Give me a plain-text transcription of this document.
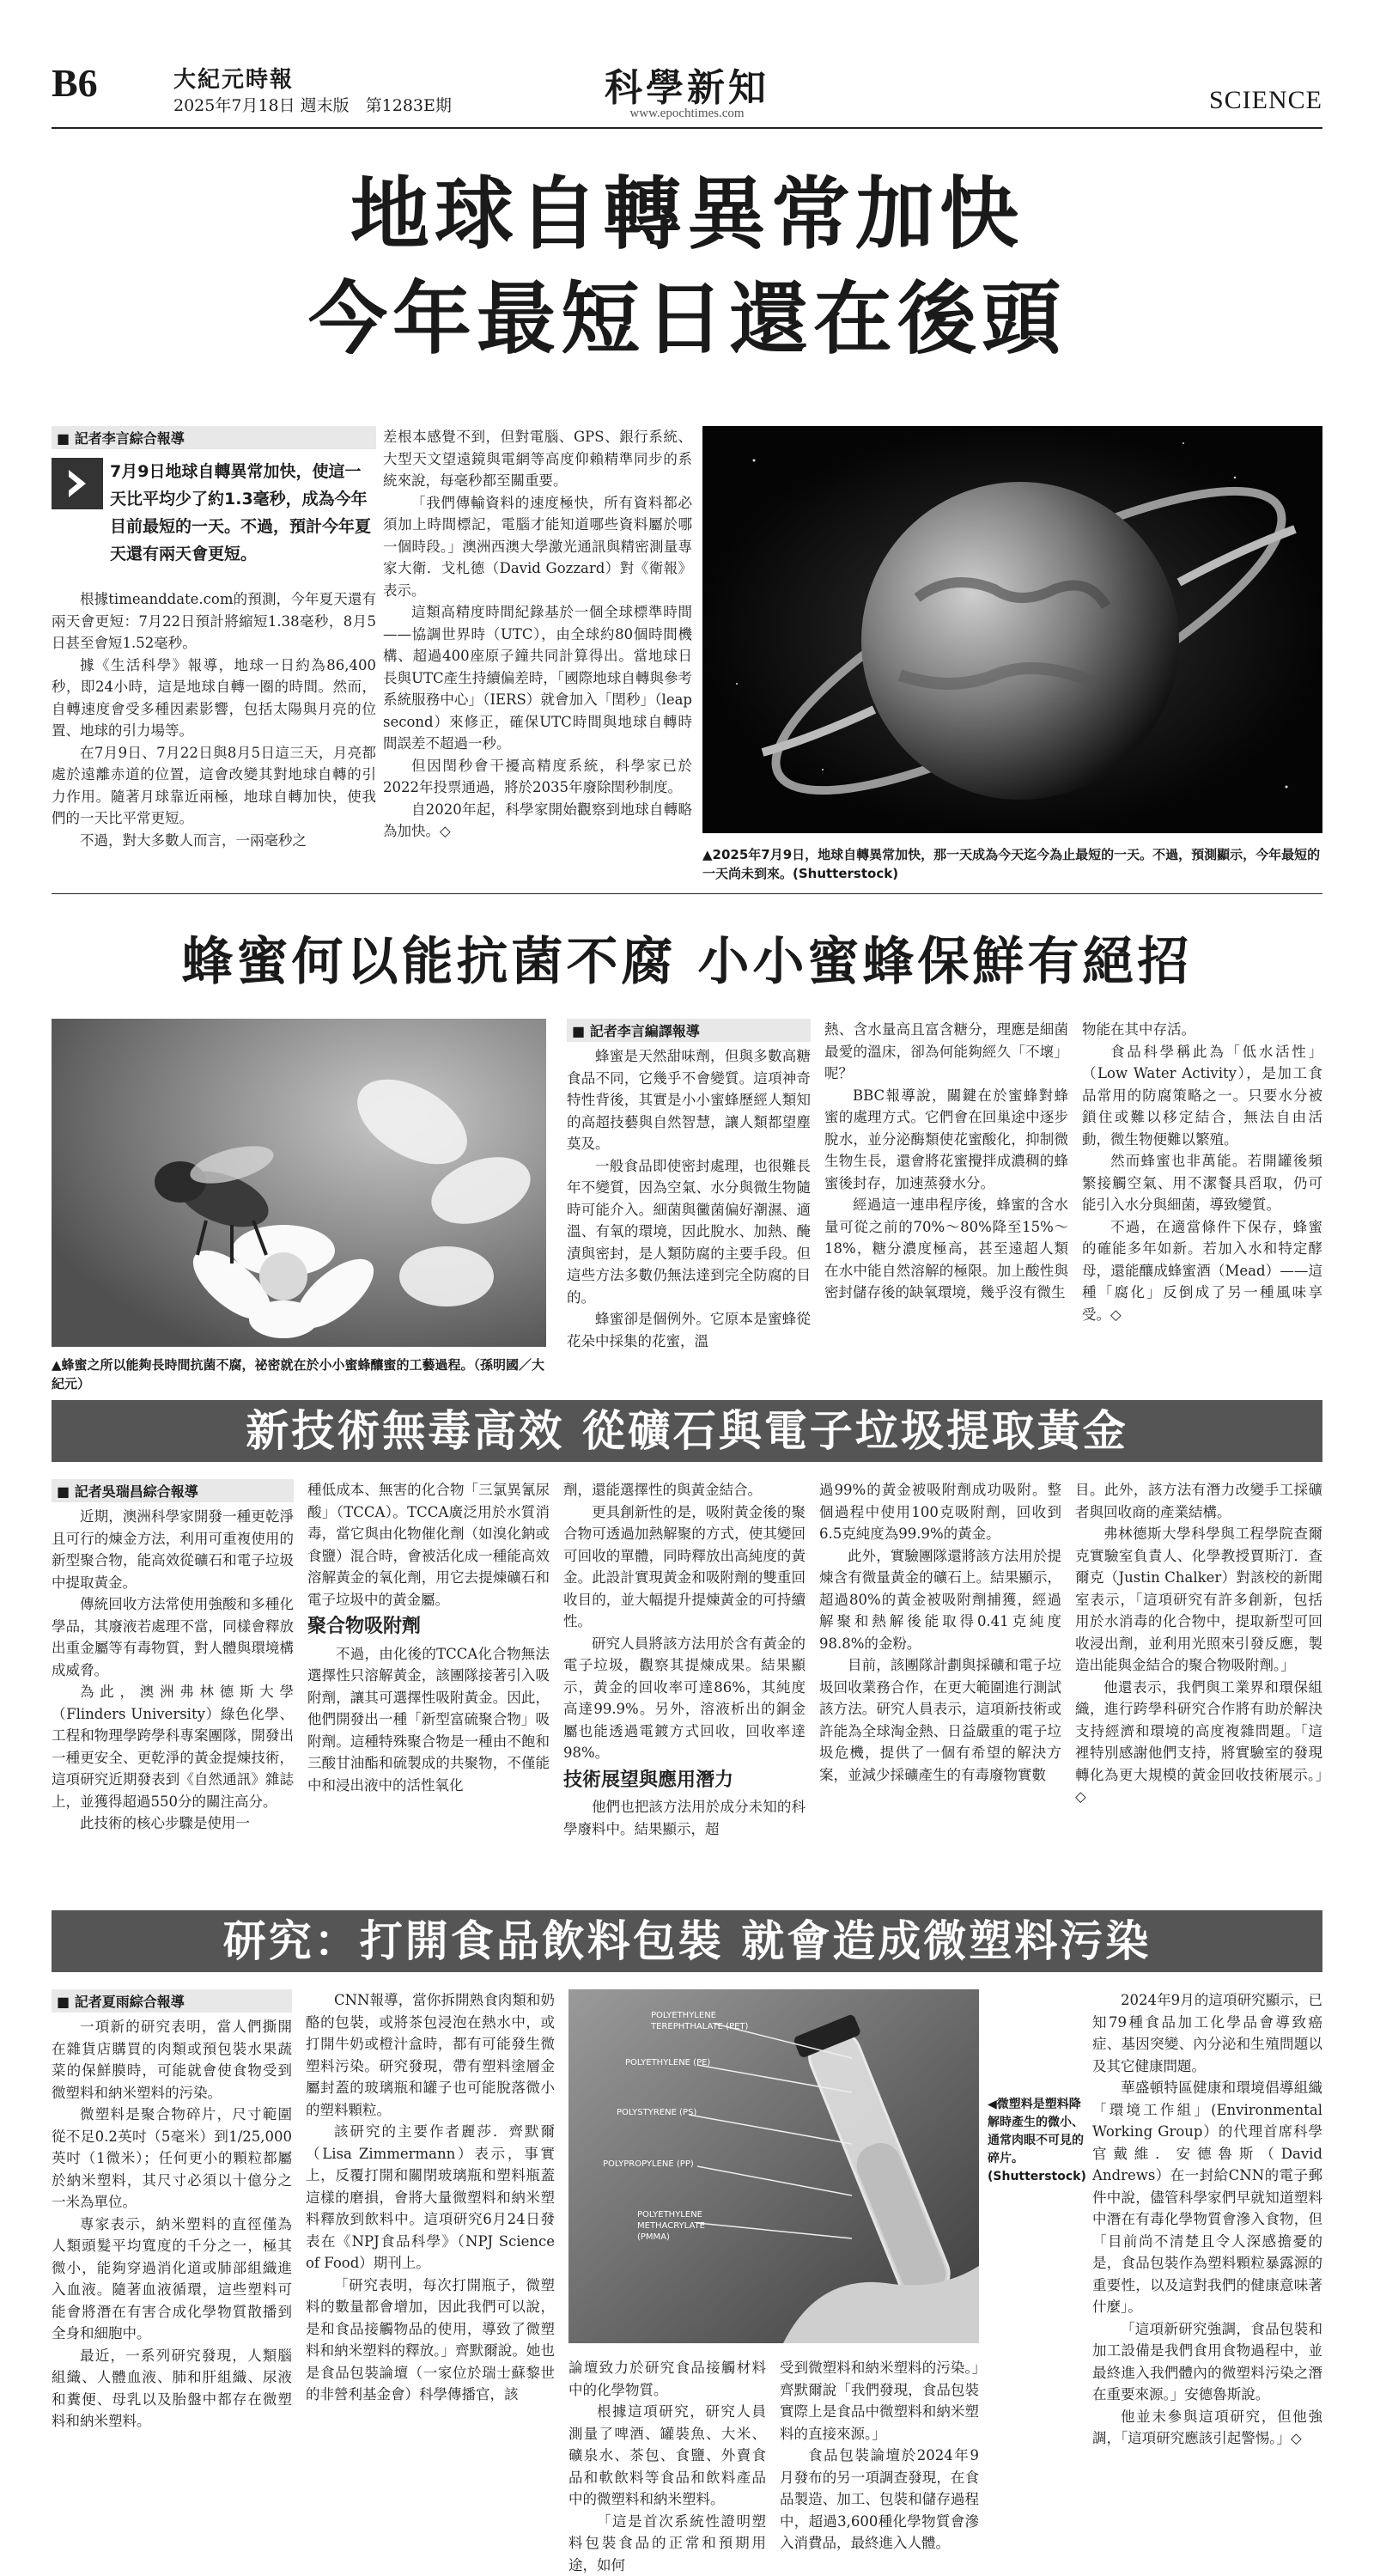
B6	大紀元時報
2025年7月18日 週末版　第1283E期	科學新知
www.epochtimes.com	SCIENCE
地球自轉異常加快
今年最短日還在後頭
■ 記者李言綜合報導
7月9日地球自轉異常加快，使這一天比平均少了約1.3毫秒，成為今年目前最短的一天。不過，預計今年夏天還有兩天會更短。

根據timeanddate.com的預測，今年夏天還有兩天會更短：7月22日預計將縮短1.38毫秒，8月5日甚至會短1.52毫秒。

據《生活科學》報導，地球一日約為86,400秒，即24小時，這是地球自轉一圈的時間。然而，自轉速度會受多種因素影響，包括太陽與月亮的位置、地球的引力場等。

在7月9日、7月22日與8月5日這三天，月亮都處於遠離赤道的位置，這會改變其對地球自轉的引力作用。隨著月球靠近兩極，地球自轉加快，使我們的一天比平常更短。

不過，對大多數人而言，一兩毫秒之

差根本感覺不到，但對電腦、GPS、銀行系統、大型天文望遠鏡與電網等高度仰賴精準同步的系統來說，每毫秒都至關重要。

「我們傳輸資料的速度極快，所有資料都必須加上時間標記，電腦才能知道哪些資料屬於哪一個時段。」澳洲西澳大學激光通訊與精密測量專家大衛．戈札德（David Gozzard）對《衛報》表示。

這類高精度時間紀錄基於一個全球標準時間——協調世界時（UTC），由全球約80個時間機構、超過400座原子鐘共同計算得出。當地球日長與UTC產生持續偏差時，「國際地球自轉與參考系統服務中心」（IERS）就會加入「閏秒」（leap second）來修正，確保UTC時間與地球自轉時間誤差不超過一秒。

但因閏秒會干擾高精度系統，科學家已於2022年投票通過，將於2035年廢除閏秒制度。

自2020年起，科學家開始觀察到地球自轉略為加快。◇

▲2025年7月9日，地球自轉異常加快，那一天成為今天迄今為止最短的一天。不過，預測顯示，今年最短的一天尚未到來。(Shutterstock)
蜂蜜何以能抗菌不腐 小小蜜蜂保鮮有絕招
▲蜂蜜之所以能夠長時間抗菌不腐，祕密就在於小小蜜蜂釀蜜的工藝過程。（孫明國／大紀元）
■ 記者李言編譯報導

蜂蜜是天然甜味劑，但與多數高糖食品不同，它幾乎不會變質。這項神奇特性背後，其實是小小蜜蜂歷經人類知的高超技藝與自然智慧，讓人類都望塵莫及。

一般食品即使密封處理，也很難長年不變質，因為空氣、水分與微生物隨時可能介入。細菌與黴菌偏好潮濕、適溫、有氧的環境，因此脫水、加熱、醃漬與密封，是人類防腐的主要手段。但這些方法多數仍無法達到完全防腐的目的。

蜂蜜卻是個例外。它原本是蜜蜂從花朵中採集的花蜜，溫

熱、含水量高且富含糖分，理應是細菌最愛的溫床，卻為何能夠經久「不壞」呢？

BBC報導說，關鍵在於蜜蜂對蜂蜜的處理方式。它們會在回巢途中逐步脫水，並分泌酶類使花蜜酸化，抑制微生物生長，還會將花蜜攪拌成濃稠的蜂蜜後封存，加速蒸發水分。

經過這一連串程序後，蜂蜜的含水量可從之前的70%～80%降至15%～18%，糖分濃度極高，甚至遠超人類在水中能自然溶解的極限。加上酸性與密封儲存後的缺氧環境，幾乎沒有微生

物能在其中存活。

食品科學稱此為「低水活性」（Low Water Activity），是加工食品常用的防腐策略之一。只要水分被鎖住或難以移定結合，無法自由活動，微生物便難以繁殖。

然而蜂蜜也非萬能。若開罐後頻繁接觸空氣、用不潔餐具舀取，仍可能引入水分與細菌，導致變質。

不過，在適當條件下保存，蜂蜜的確能多年如新。若加入水和特定酵母，還能釀成蜂蜜酒（Mead）——這種「腐化」反倒成了另一種風味享受。◇

新技術無毒高效 從礦石與電子垃圾提取黃金
■ 記者吳瑞昌綜合報導

近期，澳洲科學家開發一種更乾淨且可行的煉金方法，利用可重複使用的新型聚合物，能高效從礦石和電子垃圾中提取黃金。

傳統回收方法常使用強酸和多種化學品，其廢液若處理不當，同樣會釋放出重金屬等有毒物質，對人體與環境構成威脅。

為此，澳洲弗林德斯大學（Flinders University）綠色化學、工程和物理學跨學科專案團隊，開發出一種更安全、更乾淨的黃金提煉技術，這項研究近期發表到《自然通訊》雜誌上，並獲得超過550分的關注高分。

此技術的核心步驟是使用一

種低成本、無害的化合物「三氯異氰尿酸」（TCCA）。TCCA廣泛用於水質消毒，當它與由化物催化劑（如溴化鈉或食鹽）混合時，會被活化成一種能高效溶解黃金的氧化劑，用它去提煉礦石和電子垃圾中的黃金屬。

聚合物吸附劑

不過，由化後的TCCA化合物無法選擇性只溶解黃金，該團隊接著引入吸附劑，讓其可選擇性吸附黃金。因此，他們開發出一種「新型富硫聚合物」吸附劑。這種特殊聚合物是一種由不飽和三酸甘油酯和硫製成的共聚物，不僅能中和浸出液中的活性氧化

劑，還能選擇性的與黃金結合。

更具創新性的是，吸附黃金後的聚合物可透過加熱解聚的方式，使其變回可回收的單體，同時釋放出高純度的黃金。此設計實現黃金和吸附劑的雙重回收目的，並大幅提升提煉黃金的可持續性。

研究人員將該方法用於含有黃金的電子垃圾，觀察其提煉成果。結果顯示，黃金的回收率可達86%，其純度高達99.9%。另外，溶液析出的銅金屬也能透過電鍍方式回收，回收率達98%。

技術展望與應用潛力

他們也把該方法用於成分未知的科學廢料中。結果顯示，超

過99%的黃金被吸附劑成功吸附。整個過程中使用100克吸附劑，回收到6.5克純度為99.9%的黃金。

此外，實驗團隊還將該方法用於提煉含有微量黃金的礦石上。結果顯示，超過80%的黃金被吸附劑捕獲，經過解聚和熱解後能取得0.41克純度98.8%的金粉。

目前，該團隊計劃與採礦和電子垃圾回收業務合作，在更大範圍進行測試該方法。研究人員表示，這項新技術或許能為全球淘金熱、日益嚴重的電子垃圾危機，提供了一個有希望的解決方案，並減少採礦產生的有毒廢物實數

目。此外，該方法有潛力改變手工採礦者與回收商的產業結構。

弗林德斯大學科學與工程學院查爾克實驗室負責人、化學教授賈斯汀．查爾克（Justin Chalker）對該校的新聞室表示，「這項研究有許多創新，包括用於水消毒的化合物中，提取新型可回收浸出劑，並利用光照來引發反應，製造出能與金結合的聚合物吸附劑。」

他還表示，我們與工業界和環保組織，進行跨學科研究合作將有助於解決支持經濟和環境的高度複雜問題。「這裡特別感謝他們支持，將實驗室的發現轉化為更大規模的黃金回收技術展示。」◇

研究：打開食品飲料包裝 就會造成微塑料污染
■ 記者夏雨綜合報導

一項新的研究表明，當人們撕開在雜貨店購買的肉類或預包裝水果蔬菜的保鮮膜時，可能就會使食物受到微塑料和納米塑料的污染。

微塑料是聚合物碎片，尺寸範圍從不足0.2英吋（5毫米）到1/25,000英吋（1微米）；任何更小的顆粒都屬於納米塑料，其尺寸必須以十億分之一米為單位。

專家表示，納米塑料的直徑僅為人類頭髮平均寬度的千分之一，極其微小，能夠穿過消化道或肺部組織進入血液。隨著血液循環，這些塑料可能會將潛在有害合成化學物質散播到全身和細胞中。

最近，一系列研究發現，人類腦組織、人體血液、肺和肝組織、尿液和糞便、母乳以及胎盤中都存在微塑料和納米塑料。

CNN報導，當你拆開熟食肉類和奶酪的包裝，或將茶包浸泡在熱水中，或打開牛奶或橙汁盒時，都有可能發生微塑料污染。研究發現，帶有塑料塗層金屬封蓋的玻璃瓶和罐子也可能脫落微小的塑料顆粒。

該研究的主要作者麗莎．齊默爾（Lisa Zimmermann）表示，事實上，反覆打開和關閉玻璃瓶和塑料瓶蓋這樣的磨損，會將大量微塑料和納米塑料釋放到飲料中。這項研究6月24日發表在《NPJ食品科學》（NPJ Science of Food）期刊上。

「研究表明，每次打開瓶子，微塑料的數量都會增加，因此我們可以說，是和食品接觸物品的使用，導致了微塑料和納米塑料的釋放。」齊默爾說。她也是食品包裝論壇（一家位於瑞士蘇黎世的非營利基金會）科學傳播官，該

POLYETHYLENE TEREPHTHALATE (PET)
POLYETHYLENE (PE)
POLYSTYRENE (PS)
POLYPROPYLENE (PP)
POLYETHYLENE METHACRYLATE (PMMA)
◀微塑料是塑料降解時產生的微小、通常肉眼不可見的碎片。(Shutterstock)

論壇致力於研究食品接觸材料中的化學物質。

根據這項研究，研究人員測量了啤酒、罐裝魚、大米、礦泉水、茶包、食鹽、外賣食品和軟飲料等食品和飲料產品中的微塑料和納米塑料。

「這是首次系統性證明塑料包裝食品的正常和預期用途，如何

受到微塑料和納米塑料的污染。」齊默爾說「我們發現，食品包裝實際上是食品中微塑料和納米塑料的直接來源。」

食品包裝論壇於2024年9月發布的另一項調查發現，在食品製造、加工、包裝和儲存過程中，超過3,600種化學物質會滲入消費品，最終進入人體。

2024年9月的這項研究顯示，已知79種食品加工化學品會導致癌症、基因突變、內分泌和生殖問題以及其它健康問題。

華盛頓特區健康和環境倡導組織「環境工作組」(Environmental Working Group）的代理首席科學官戴維．安德魯斯（David Andrews）在一封給CNN的電子郵件中說，儘管科學家們早就知道塑料中潛在有毒化學物質會滲入食物，但「目前尚不清楚且令人深感擔憂的是，食品包裝作為塑料顆粒暴露源的重要性，以及這對我們的健康意味著什麼」。

「這項新研究強調，食品包裝和加工設備是我們食用食物過程中，並最終進入我們體內的微塑料污染之潛在重要來源。」安德魯斯說。

他並未參與這項研究，但他強調，「這項研究應該引起警惕。」◇
